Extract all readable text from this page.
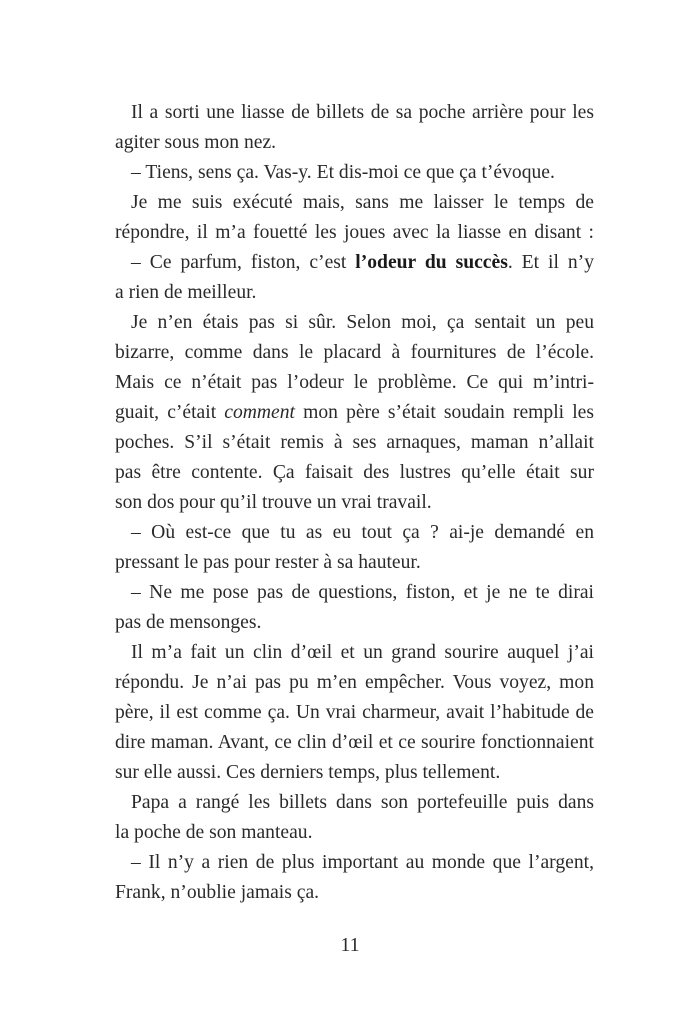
Il a sorti une liasse de billets de sa poche arrière pour les
agiter sous mon nez.
– Tiens, sens ça. Vas-y. Et dis-moi ce que ça t’évoque.
Je me suis exécuté mais, sans me laisser le temps de
répondre, il m’a fouetté les joues avec la liasse en disant :
– Ce parfum, fiston, c’est l’odeur du succès. Et il n’y
a rien de meilleur.
Je n’en étais pas si sûr. Selon moi, ça sentait un peu
bizarre, comme dans le placard à fournitures de l’école.
Mais ce n’était pas l’odeur le problème. Ce qui m’intri-
guait, c’était comment mon père s’était soudain rempli les
poches. S’il s’était remis à ses arnaques, maman n’allait
pas être contente. Ça faisait des lustres qu’elle était sur
son dos pour qu’il trouve un vrai travail.
– Où est-ce que tu as eu tout ça ? ai-je demandé en
pressant le pas pour rester à sa hauteur.
– Ne me pose pas de questions, fiston, et je ne te dirai
pas de mensonges.
Il m’a fait un clin d’œil et un grand sourire auquel j’ai
répondu. Je n’ai pas pu m’en empêcher. Vous voyez, mon
père, il est comme ça. Un vrai charmeur, avait l’habitude de
dire maman. Avant, ce clin d’œil et ce sourire fonctionnaient
sur elle aussi. Ces derniers temps, plus tellement.
Papa a rangé les billets dans son portefeuille puis dans
la poche de son manteau.
– Il n’y a rien de plus important au monde que l’argent,
Frank, n’oublie jamais ça.
11
